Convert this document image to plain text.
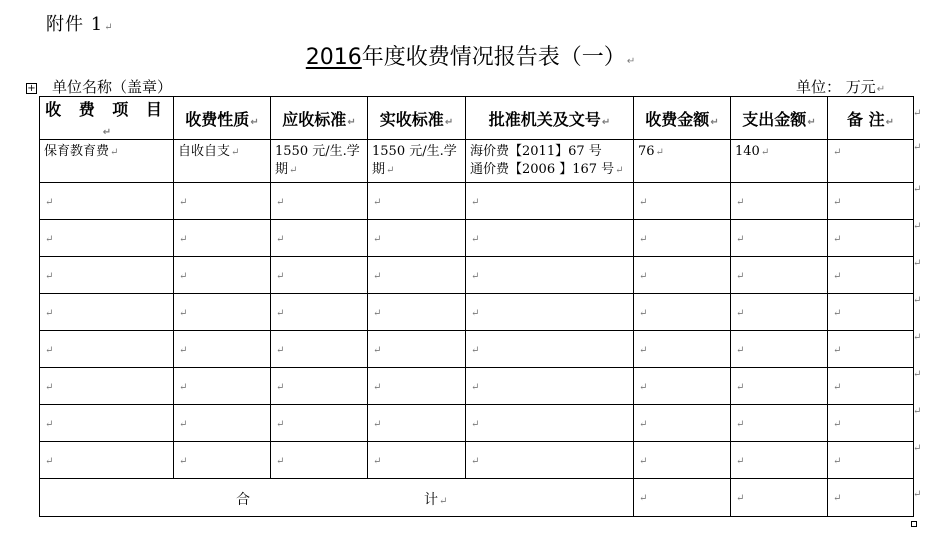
附件 1↵
2016年度收费情况报告表（一）↵
+ 单位名称（盖章）	单位： 万元↵
收 费 项 目↵	收费性质↵	应收标准↵	实收标准↵	批准机关及文号↵	收费金额↵	支出金额↵	备 注↵
保育教育费↵	自收自支↵	1550 元/生.学期↵	1550 元/生.学期↵	海价费【2011】67 号
通价费【2006 】167 号↵	76↵	140↵	↵
↵	↵	↵	↵	↵	↵	↵	↵
↵	↵	↵	↵	↵	↵	↵	↵
↵	↵	↵	↵	↵	↵	↵	↵
↵	↵	↵	↵	↵	↵	↵	↵
↵	↵	↵	↵	↵	↵	↵	↵
↵	↵	↵	↵	↵	↵	↵	↵
↵	↵	↵	↵	↵	↵	↵	↵
↵	↵	↵	↵	↵	↵	↵	↵

合 计↵					↵	↵	↵
↵
↵
↵
↵
↵
↵
↵
↵
↵
↵
↵
